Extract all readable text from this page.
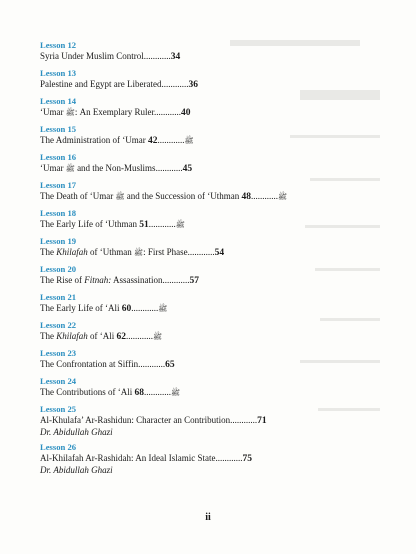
Lesson 12
Syria Under Muslim Control............34
Lesson 13
Palestine and Egypt are Liberated............36
Lesson 14
‘Umar ﷺ: An Exemplary Ruler............40
Lesson 15
The Administration of ‘Umar	ﷺ............42
Lesson 16
‘Umar ﷺ and the Non-Muslims............45
Lesson 17
The Death of ‘Umar ﷺ and the Succession of ‘Uthman	ﷺ............48
Lesson 18
The Early Life of ‘Uthman	ﷺ............51
Lesson 19
The Khilafah of ‘Uthman ﷺ: First Phase............54
Lesson 20
The Rise of Fitnah: Assassination............57
Lesson 21
The Early Life of ‘Ali	ﷺ............60
Lesson 22
The Khilafah of ‘Ali	ﷺ............62
Lesson 23
The Confrontation at Siffin............65
Lesson 24
The Contributions of ‘Ali	ﷺ............68
Lesson 25
Al-Khulafa’ Ar-Rashidun: Character an Contribution............71
Dr. Abidullah Ghazi
Lesson 26
Al-Khilafah Ar-Rashidah: An Ideal Islamic State............75
Dr. Abidullah Ghazi
ii
